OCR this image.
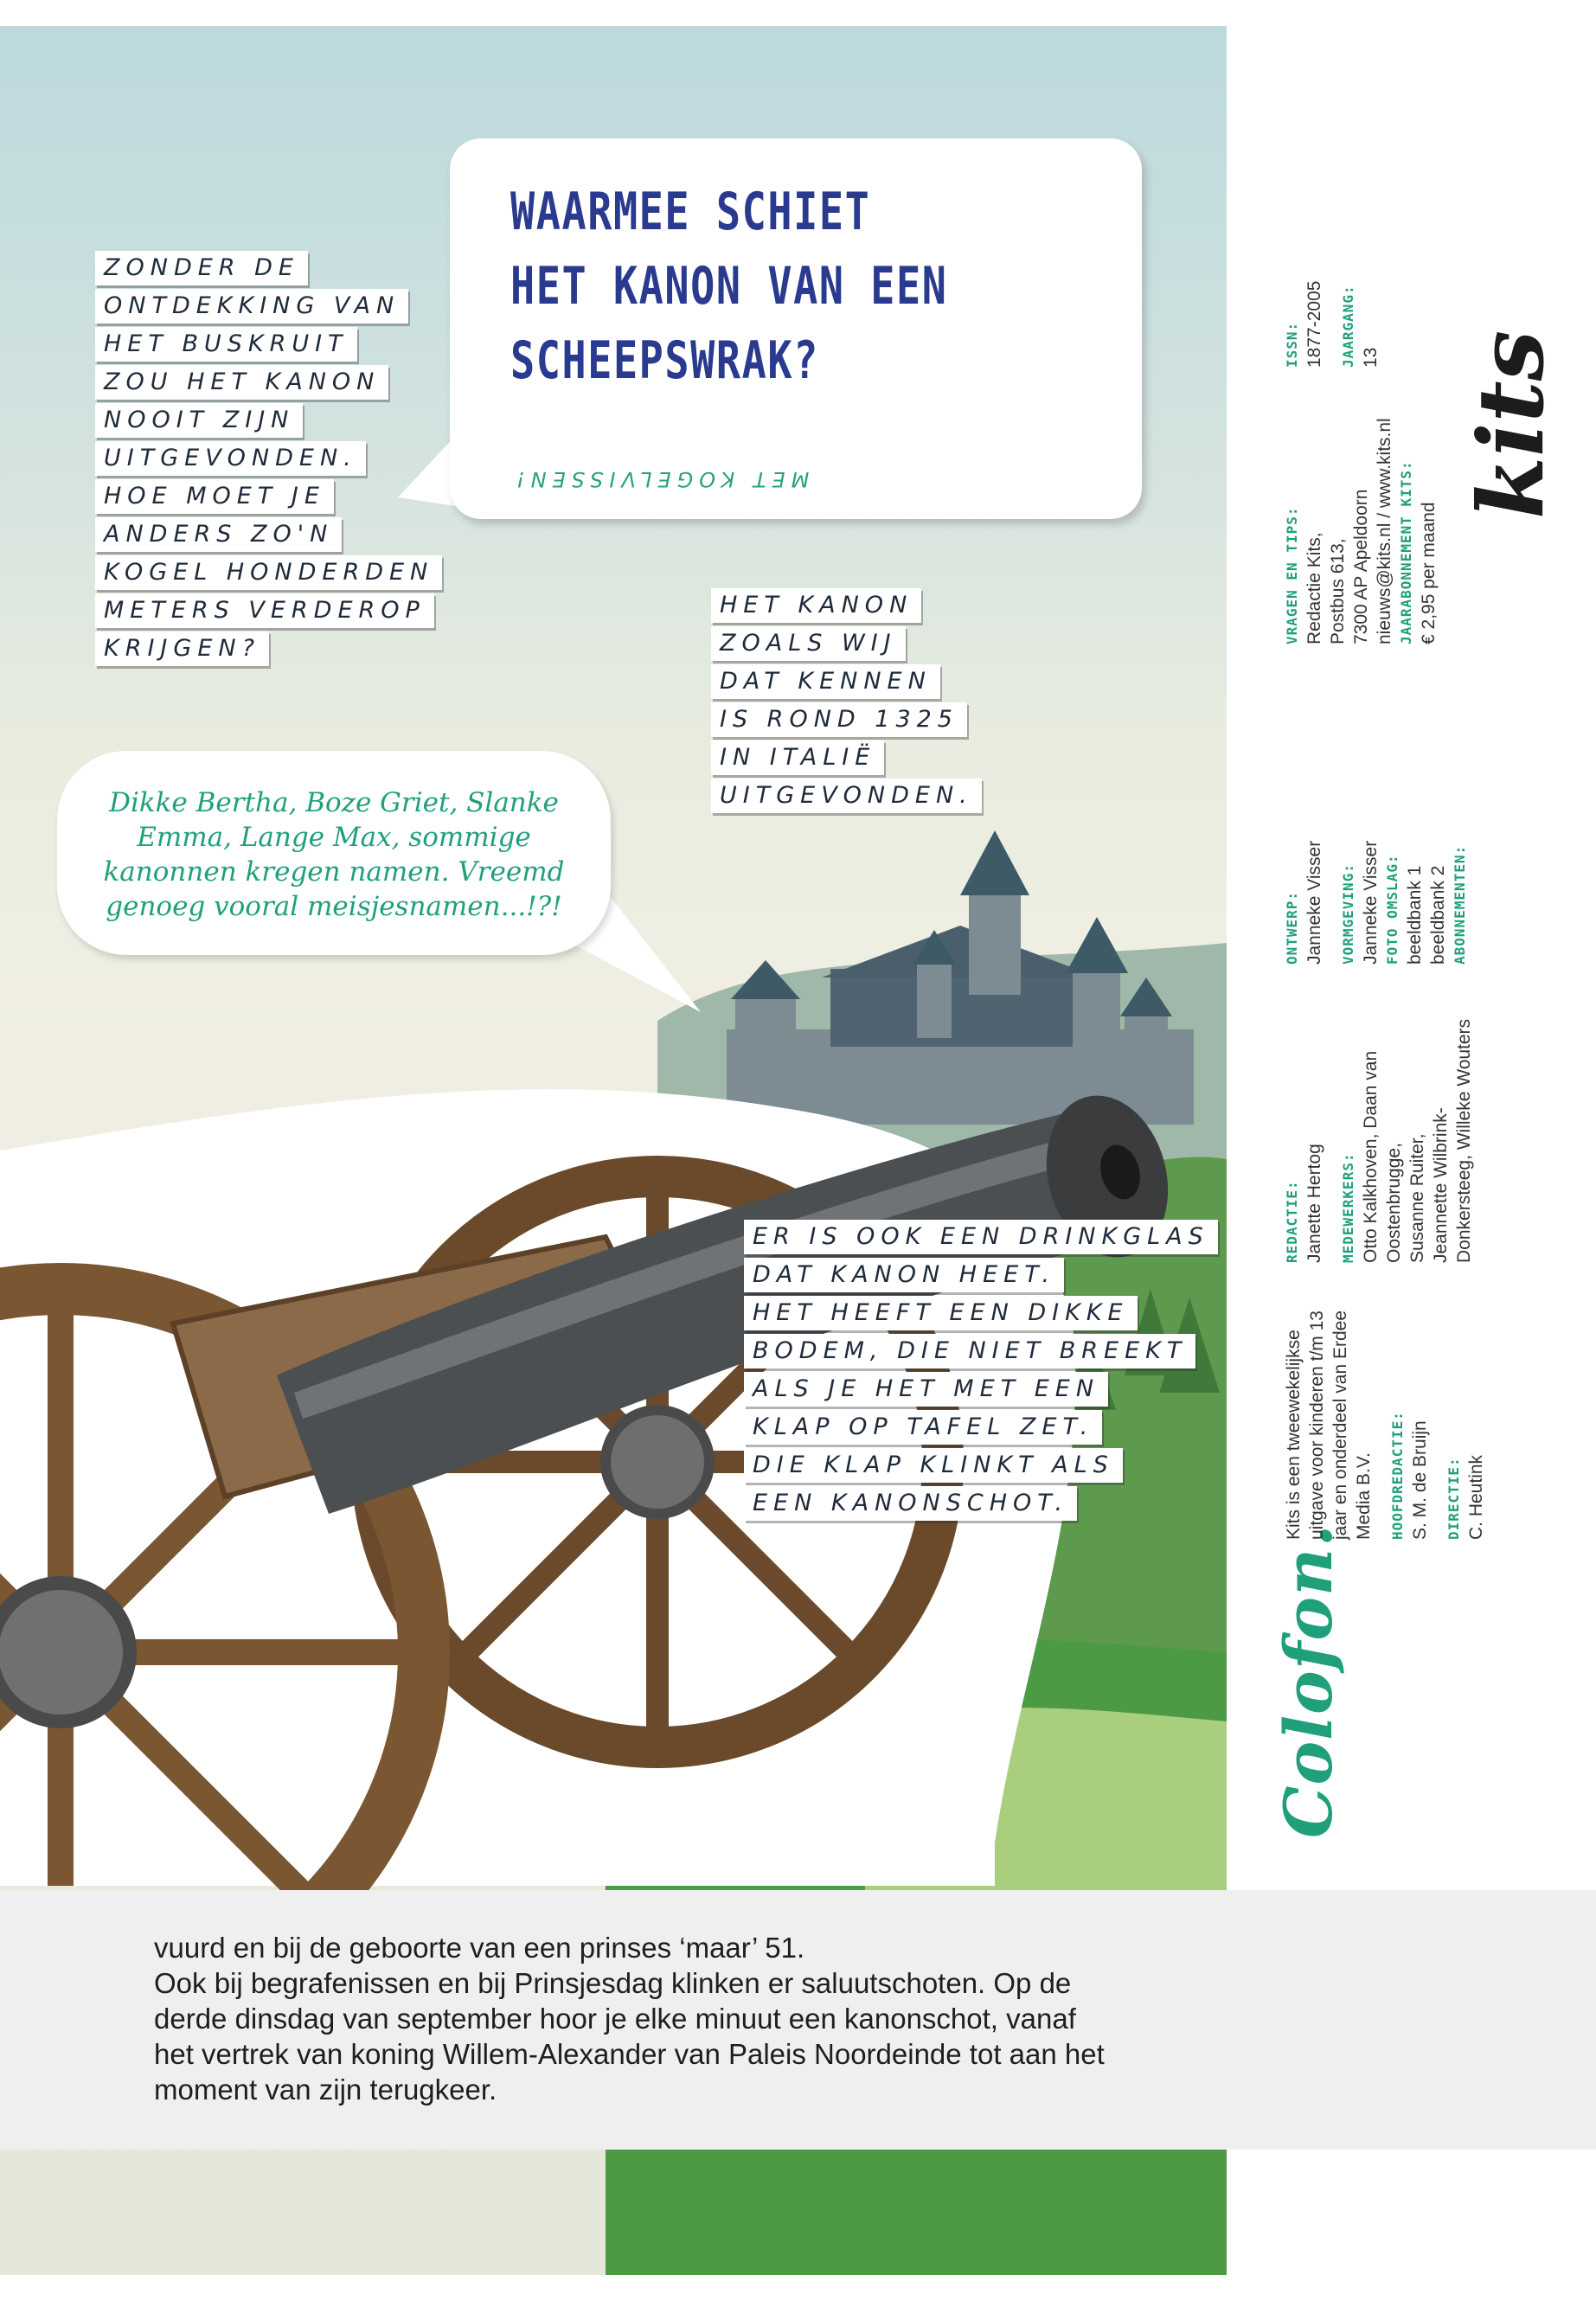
WAARMEE SCHIET
HET KANON VAN EEN
SCHEEPSWRAK?
MET KOGELVISSEN!
ZONDER DE
ONTDEKKING VAN
HET BUSKRUIT
ZOU HET KANON
NOOIT ZIJN
UITGEVONDEN.
HOE MOET JE
ANDERS ZO'N
KOGEL HONDERDEN
METERS VERDEROP
KRIJGEN?
HET KANON
ZOALS WIJ
DAT KENNEN
IS ROND 1325
IN ITALIË
UITGEVONDEN.
Dikke Bertha, Boze Griet, Slanke Emma, Lange Max, sommige kanonnen kregen namen. Vreemd genoeg vooral meisjesnamen...!?!
ER IS OOK EEN DRINKGLAS
DAT KANON HEET.
HET HEEFT EEN DIKKE
BODEM, DIE NIET BREEKT
ALS JE HET MET EEN
KLAP OP TAFEL ZET.
DIE KLAP KLINKT ALS
EEN KANONSCHOT.
vuurd en bij de geboorte van een prinses ‘maar’ 51.
Ook bij begrafenissen en bij Prinsjesdag klinken er saluutschoten. Op de
derde dinsdag van september hoor je elke minuut een kanonschot, vanaf
het vertrek van koning Willem-Alexander van Paleis Noordeinde tot aan het
moment van zijn terugkeer.
Colofon.
Kits is een tweewekelijkse uitgave voor kinderen t/m 13 jaar en onderdeel van Erdee Media B.V. HOOFDREDACTIE: S. M. de Bruijn DIRECTIE: C. Heutink
REDACTIE: Janette Hertog MEDEWERKERS: Otto Kalkhoven, Daan van Oostenbrugge, Susanne Ruiter, Jeannette Wilbrink- Donkersteeg, Willeke Wouters
ONTWERP: Janneke Visser VORMGEVING: Janneke Visser FOTO OMSLAG: beeldbank 1 beeldbank 2 ABONNEMENTEN:
VRAGEN EN TIPS: Redactie Kits, Postbus 613, 7300 AP Apeldoorn nieuws@kits.nl / www.kits.nl JAARABONNEMENT KITS: € 2,95 per maand
ISSN: 1877-2005 JAARGANG: 13 kits
